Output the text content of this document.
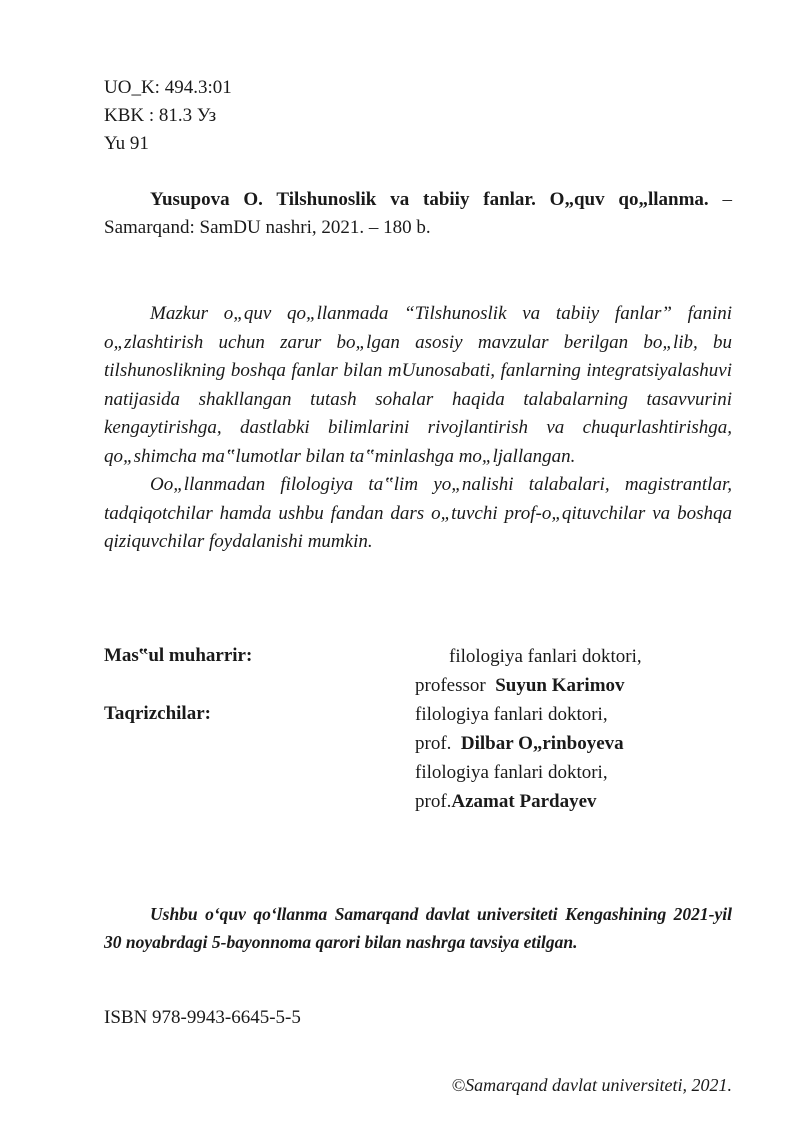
UO_K: 494.3:01
KBK : 81.3 Уз
Yu 91
Yusupova O. Tilshunoslik va tabiiy fanlar. O„quv qo„llanma. – Samarqand: SamDU nashri, 2021. – 180 b.

Mazkur o„quv qo„llanmada “Tilshunoslik va tabiiy fanlar” fanini o„zlashtirish uchun zarur bo„lgan asosiy mavzular berilgan bo„lib, bu tilshunoslikning boshqa fanlar bilan mUunosabati, fanlarning integratsiyalashuvi natijasida shakllangan tutash sohalar haqida talabalarning tasavvurini kengaytirishga, dastlabki bilimlarini rivojlantirish va chuqurlashtirishga, qo„shimcha ma‟lumotlar bilan ta‟minlashga mo„ljallangan.

Oo„llanmadan filologiya ta‟lim yo„nalishi talabalari, magistrantlar, tadqiqotchilar hamda ushbu fandan dars o„tuvchi prof-o„qituvchilar va boshqa qiziquvchilar foydalanishi mumkin.

Mas‟ul muharrir:	filologiya fanlari doktori, professor Suyun Karimov
Taqrizchilar:	filologiya fanlari doktori, prof. Dilbar O„rinboyeva filologiya fanlari doktori, prof.Azamat Pardayev
Ushbu o‘quv qo‘llanma Samarqand davlat universiteti Kengashining 2021-yil 30 noyabrdagi 5-bayonnoma qarori bilan nashrga tavsiya etilgan.
ISBN 978-9943-6645-5-5
©Samarqand davlat universiteti, 2021.
